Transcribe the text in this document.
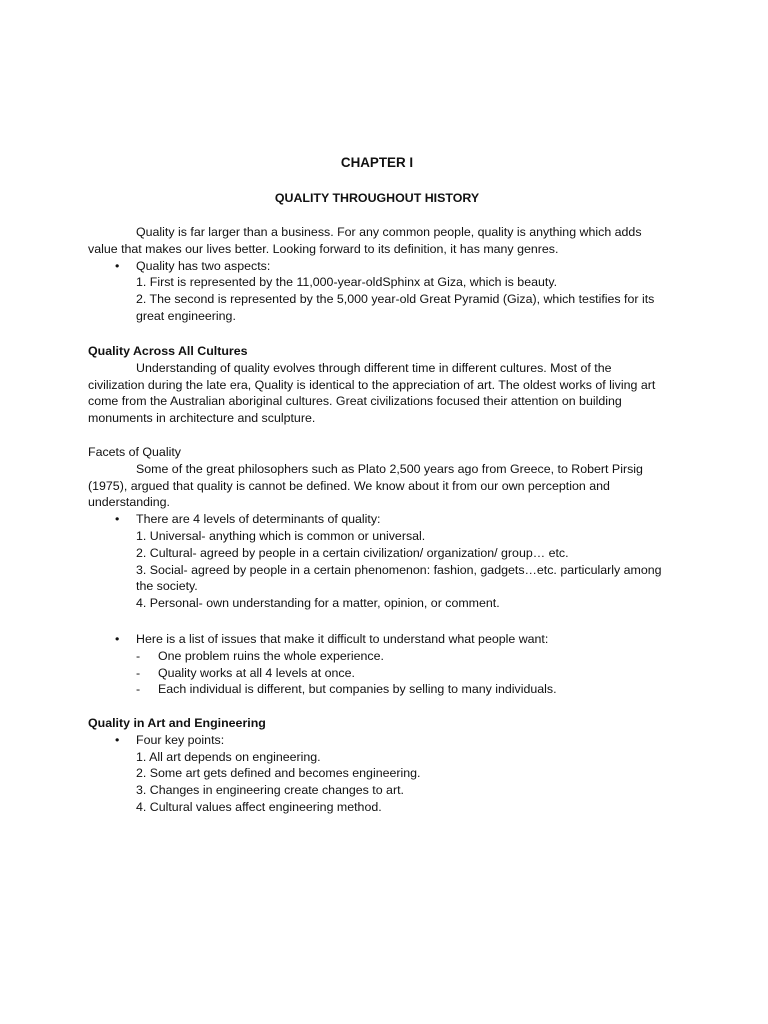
CHAPTER I
QUALITY THROUGHOUT HISTORY

Quality is far larger than a business. For any common people, quality is anything which adds value that makes our lives better. Looking forward to its definition, it has many genres.

• Quality has two aspects:

1. First is represented by the 11,000-year-oldSphinx at Giza, which is beauty.

2. The second is represented by the 5,000 year-old Great Pyramid (Giza), which testifies for its great engineering.

Quality Across All Cultures

Understanding of quality evolves through different time in different cultures. Most of the civilization during the late era, Quality is identical to the appreciation of art. The oldest works of living art come from the Australian aboriginal cultures. Great civilizations focused their attention on building monuments in architecture and sculpture.

Facets of Quality

Some of the great philosophers such as Plato 2,500 years ago from Greece, to Robert Pirsig (1975), argued that quality is cannot be defined. We know about it from our own perception and understanding.

• There are 4 levels of determinants of quality:

1. Universal- anything which is common or universal.

2. Cultural- agreed by people in a certain civilization/ organization/ group… etc.

3. Social- agreed by people in a certain phenomenon: fashion, gadgets…etc. particularly among the society.

4. Personal- own understanding for a matter, opinion, or comment.

• Here is a list of issues that make it difficult to understand what people want:
- One problem ruins the whole experience.
- Quality works at all 4 levels at once.
- Each individual is different, but companies by selling to many individuals.

Quality in Art and Engineering

• Four key points:

1. All art depends on engineering.

2. Some art gets defined and becomes engineering.

3. Changes in engineering create changes to art.

4. Cultural values affect engineering method.
